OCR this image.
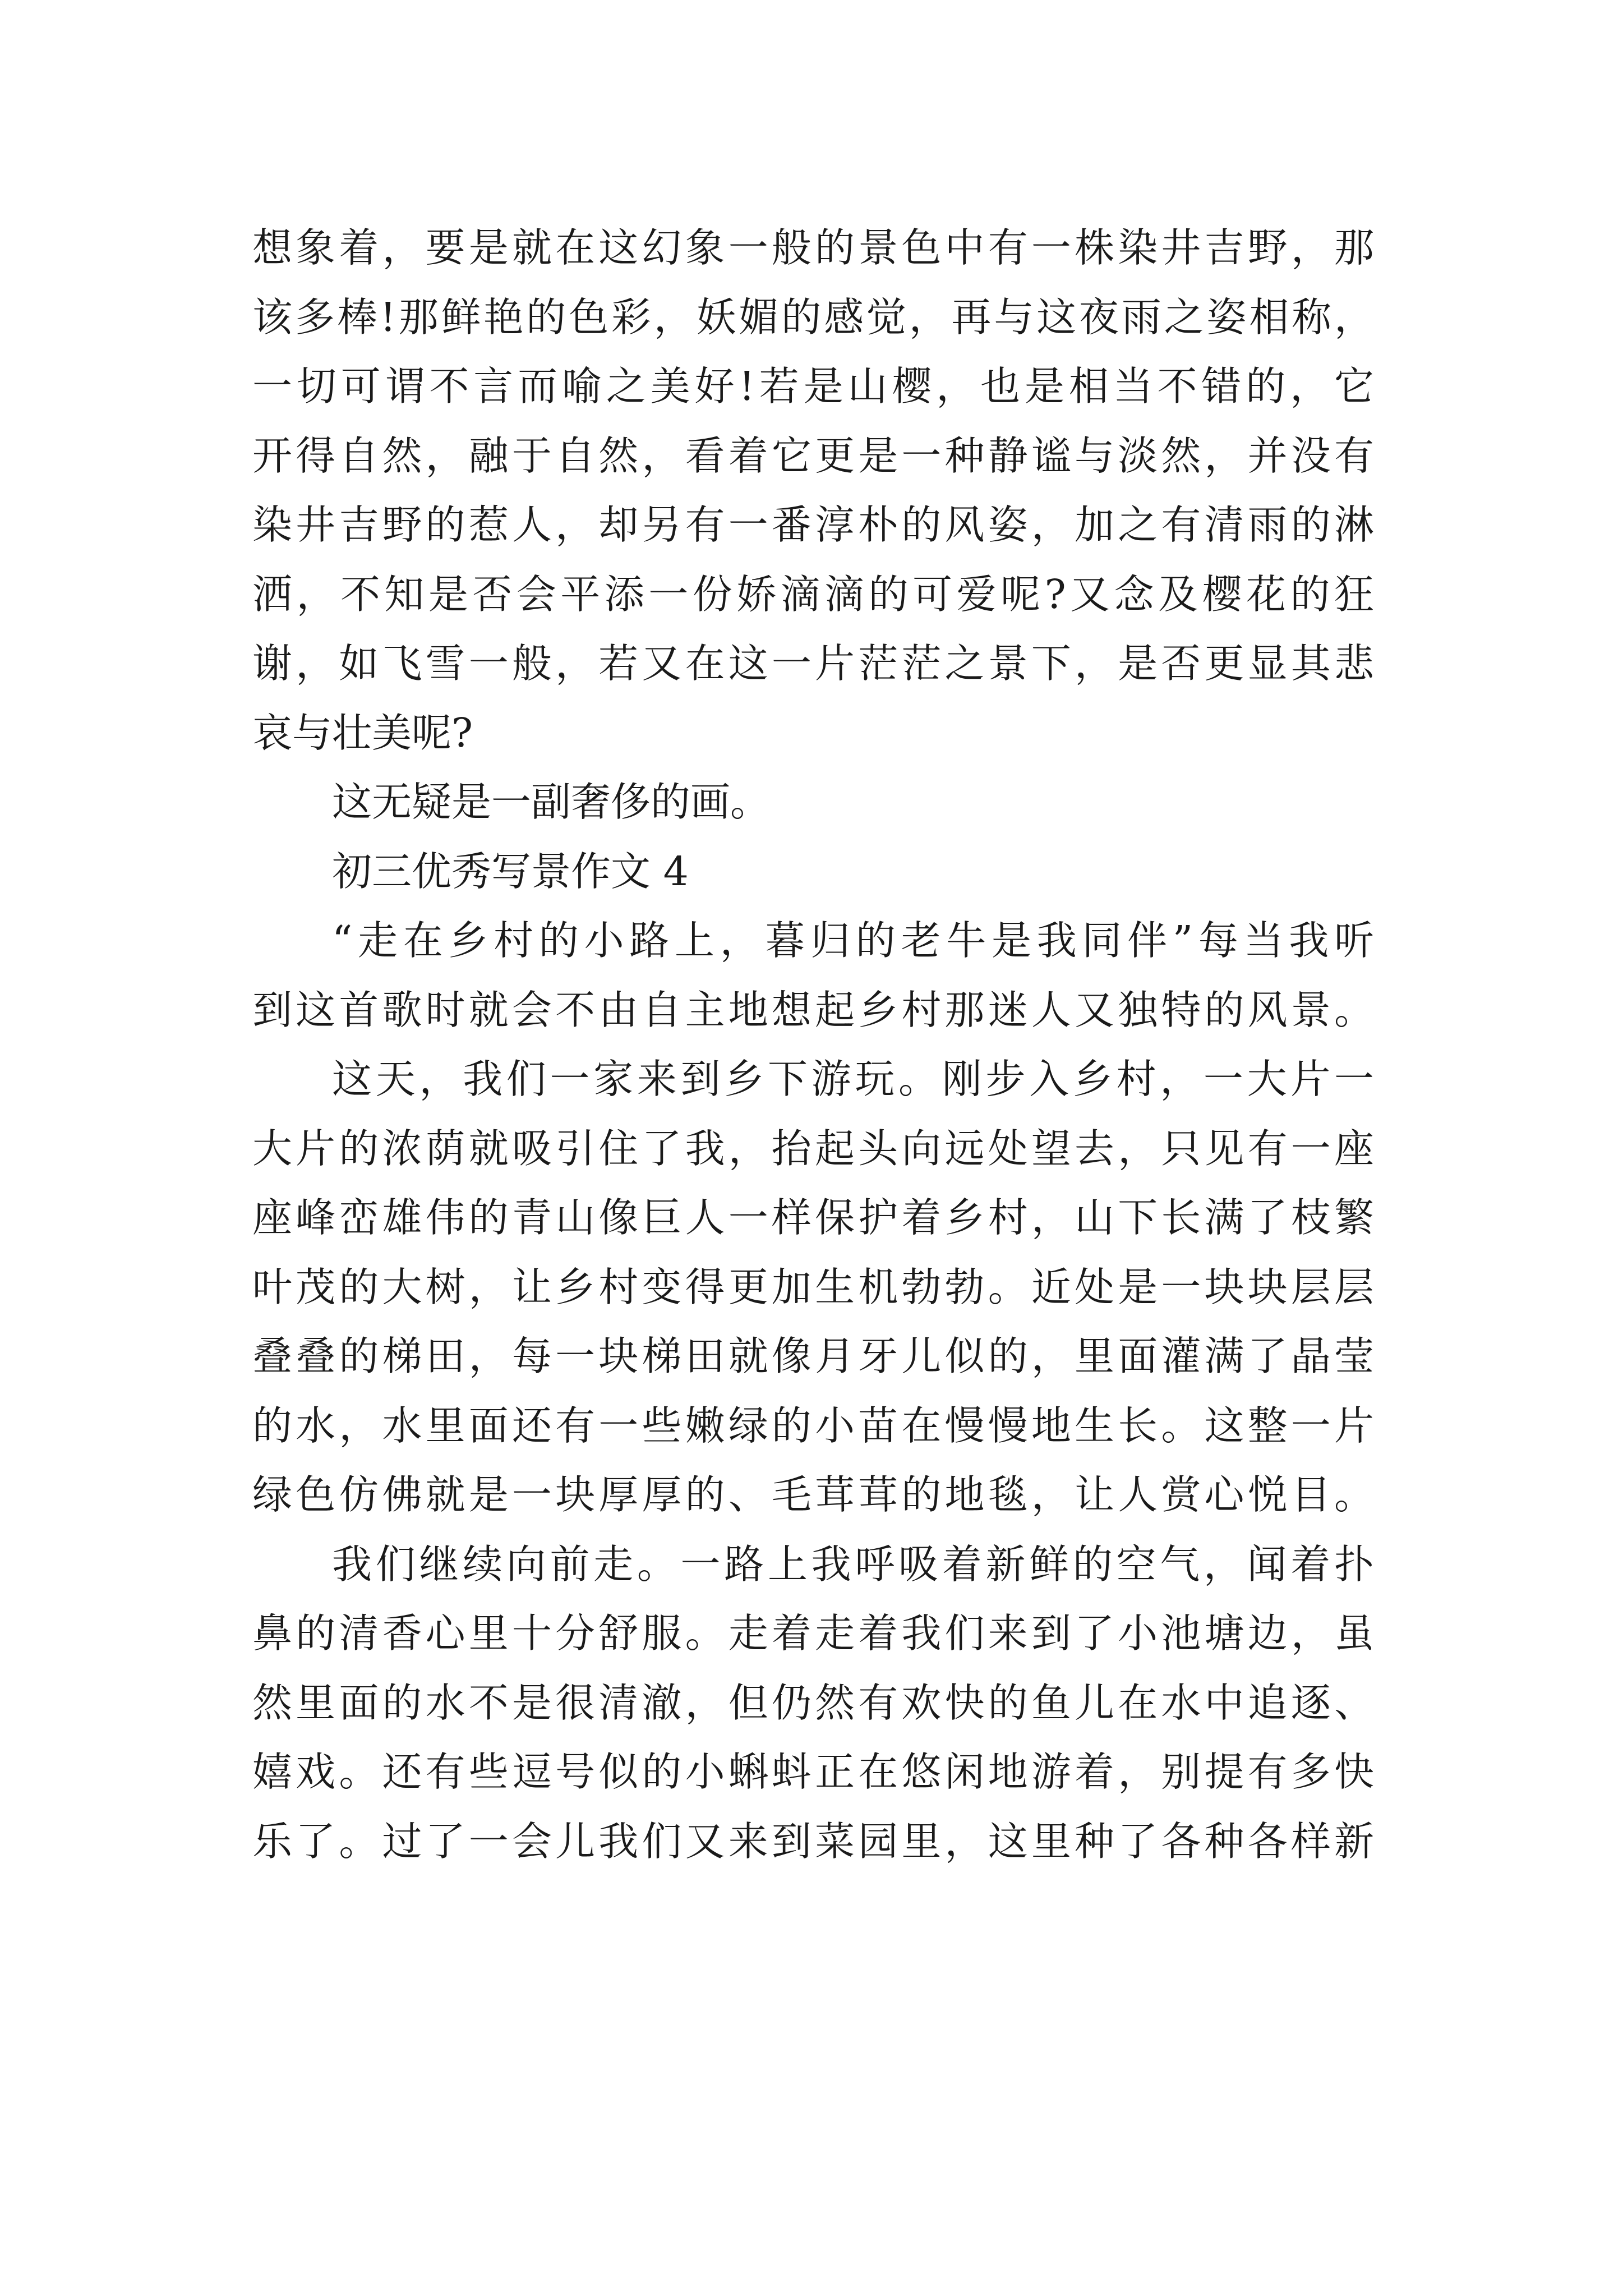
想象着，要是就在这幻象一般的景色中有一株染井吉野，那
该多棒!那鲜艳的色彩，妖媚的感觉，再与这夜雨之姿相称，
一切可谓不言而喻之美好!若是山樱，也是相当不错的，它
开得自然，融于自然，看着它更是一种静谧与淡然，并没有
染井吉野的惹人，却另有一番淳朴的风姿，加之有清雨的淋
洒，不知是否会平添一份娇滴滴的可爱呢?又念及樱花的狂
谢，如飞雪一般，若又在这一片茫茫之景下，是否更显其悲
哀与壮美呢?
这无疑是一副奢侈的画。
初三优秀写景作文 4
“走在乡村的小路上，暮归的老牛是我同伴”每当我听
到这首歌时就会不由自主地想起乡村那迷人又独特的风景。
这天，我们一家来到乡下游玩。刚步入乡村，一大片一
大片的浓荫就吸引住了我，抬起头向远处望去，只见有一座
座峰峦雄伟的青山像巨人一样保护着乡村，山下长满了枝繁
叶茂的大树，让乡村变得更加生机勃勃。近处是一块块层层
叠叠的梯田，每一块梯田就像月牙儿似的，里面灌满了晶莹
的水，水里面还有一些嫩绿的小苗在慢慢地生长。这整一片
绿色仿佛就是一块厚厚的、毛茸茸的地毯，让人赏心悦目。
我们继续向前走。一路上我呼吸着新鲜的空气，闻着扑
鼻的清香心里十分舒服。走着走着我们来到了小池塘边，虽
然里面的水不是很清澈，但仍然有欢快的鱼儿在水中追逐、
嬉戏。还有些逗号似的小蝌蚪正在悠闲地游着，别提有多快
乐了。过了一会儿我们又来到菜园里，这里种了各种各样新
